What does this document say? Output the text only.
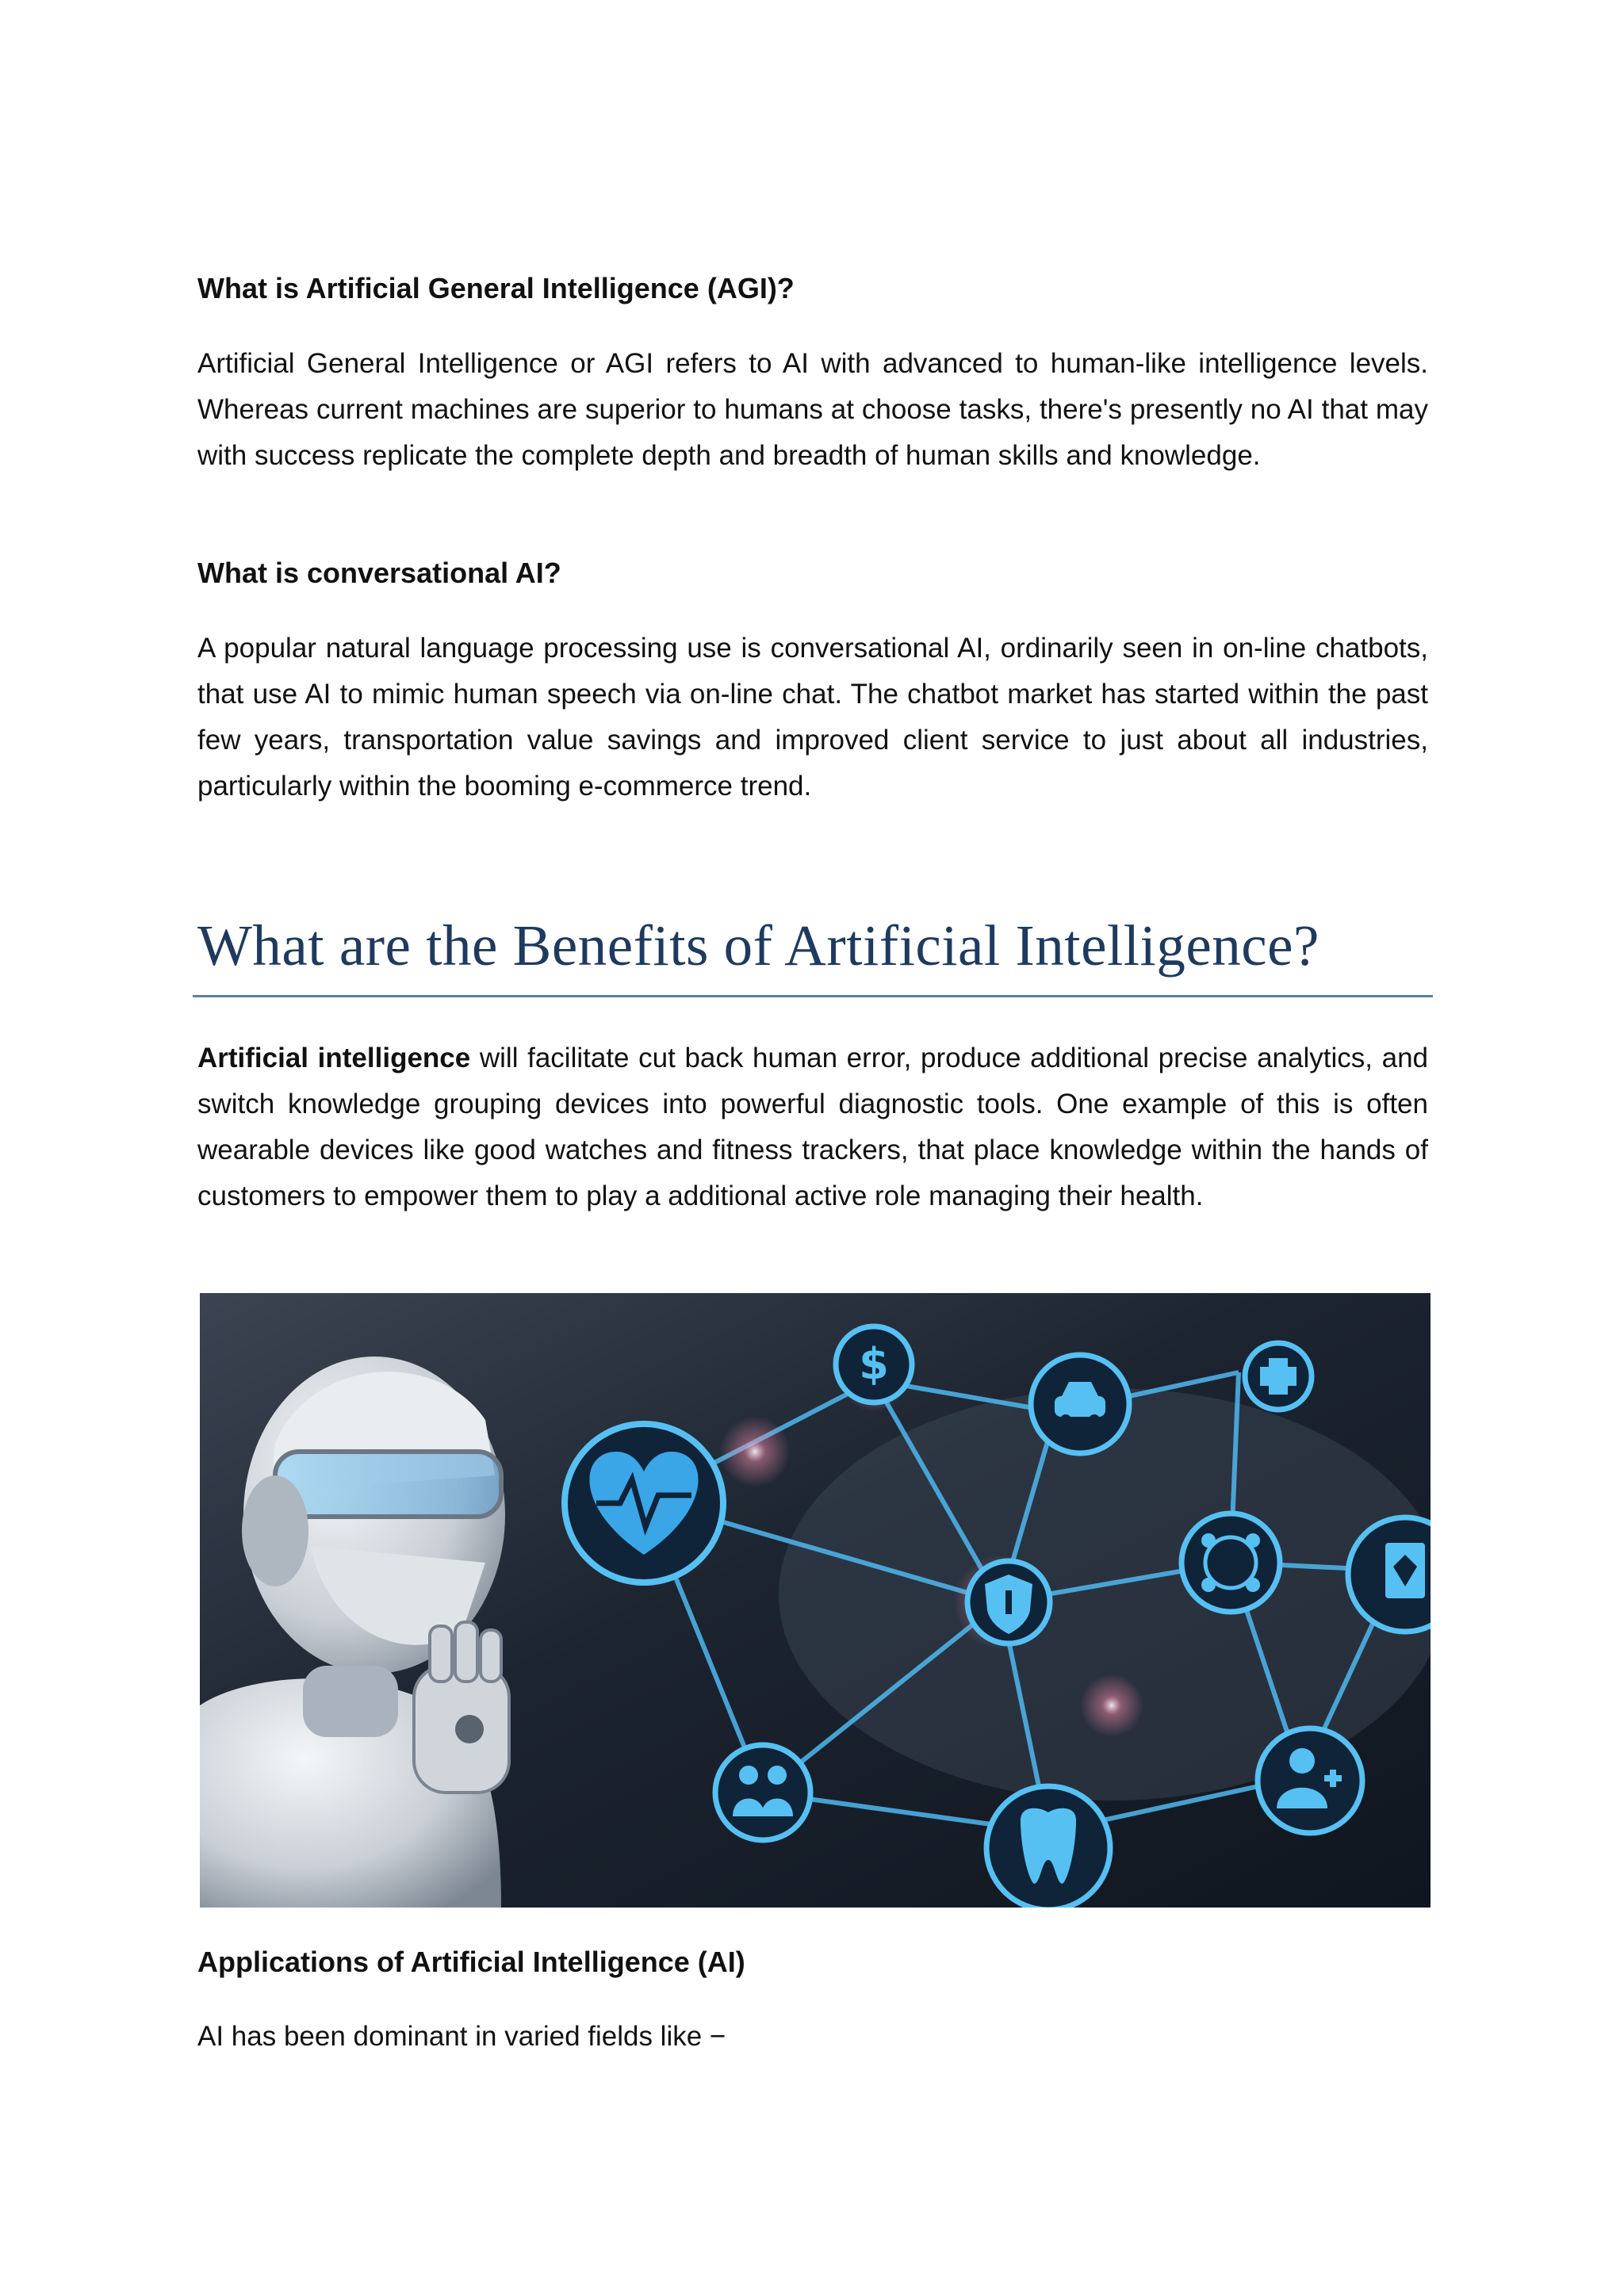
What is Artificial General Intelligence (AGI)?

Artificial General Intelligence or AGI refers to AI with advanced to human-like intelligence levels. Whereas current machines are superior to humans at choose tasks, there's presently no AI that may with success replicate the complete depth and breadth of human skills and knowledge.

What is conversational AI?

A popular natural language processing use is conversational AI, ordinarily seen in on-line chatbots, that use AI to mimic human speech via on-line chat. The chatbot market has started within the past few years, transportation value savings and improved client service to just about all industries, particularly within the booming e-commerce trend.

What are the Benefits of Artificial Intelligence?

Artificial intelligence will facilitate cut back human error, produce additional precise analytics, and switch knowledge grouping devices into powerful diagnostic tools. One example of this is often wearable devices like good watches and fitness trackers, that place knowledge within the hands of customers to empower them to play a additional active role managing their health.

$
Applications of Artificial Intelligence (AI)

AI has been dominant in varied fields like −
